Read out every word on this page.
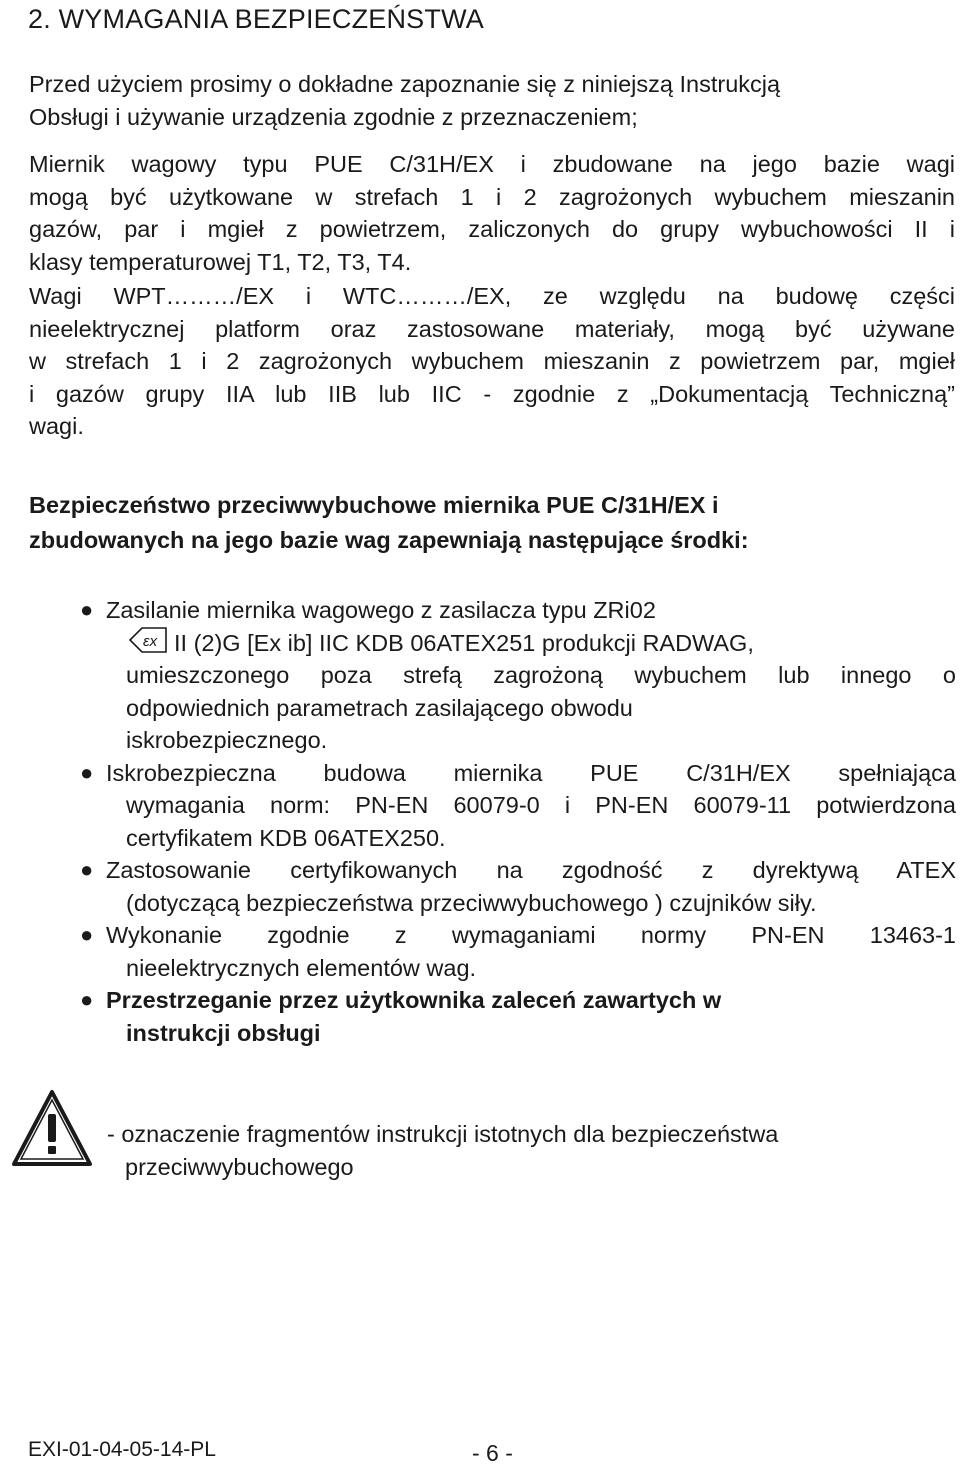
2. WYMAGANIA BEZPIECZEŃSTWA
Przed użyciem prosimy o dokładne zapoznanie się z niniejszą Instrukcją
Obsługi i używanie urządzenia zgodnie z przeznaczeniem;
Miernik wagowy typu PUE C/31H/EX i zbudowane na jego bazie wagi
mogą być użytkowane w strefach 1 i 2 zagrożonych wybuchem mieszanin
gazów, par i mgieł z powietrzem, zaliczonych do grupy wybuchowości II i
klasy temperaturowej T1, T2, T3, T4.
Wagi WPT………/EX i WTC………/EX, ze względu na budowę części
nieelektrycznej platform oraz zastosowane materiały, mogą być używane
w strefach 1 i 2 zagrożonych wybuchem mieszanin z powietrzem par, mgieł
i gazów grupy IIA lub IIB lub IIC - zgodnie z „Dokumentacją Techniczną”
wagi.
Bezpieczeństwo przeciwwybuchowe miernika PUE C/31H/EX i
zbudowanych na jego bazie wag zapewniają następujące środki:
● Zasilanie miernika wagowego z zasilacza typu ZRi02
εx II (2)G [Ex ib] IIC KDB 06ATEX251 produkcji RADWAG,
umieszczonego poza strefą zagrożoną wybuchem lub innego o
odpowiednich parametrach zasilającego obwodu
iskrobezpiecznego.
● Iskrobezpieczna budowa miernika PUE C/31H/EX spełniająca
wymagania norm: PN-EN 60079-0 i PN-EN 60079-11 potwierdzona
certyfikatem KDB 06ATEX250.
● Zastosowanie certyfikowanych na zgodność z dyrektywą ATEX
(dotyczącą bezpieczeństwa przeciwwybuchowego ) czujników siły.
● Wykonanie zgodnie z wymaganiami normy PN-EN 13463-1
nieelektrycznych elementów wag.
● Przestrzeganie przez użytkownika zaleceń zawartych w
instrukcji obsługi
- oznaczenie fragmentów instrukcji istotnych dla bezpieczeństwa
przeciwwybuchowego
EXI-01-04-05-14-PL	- 6 -
